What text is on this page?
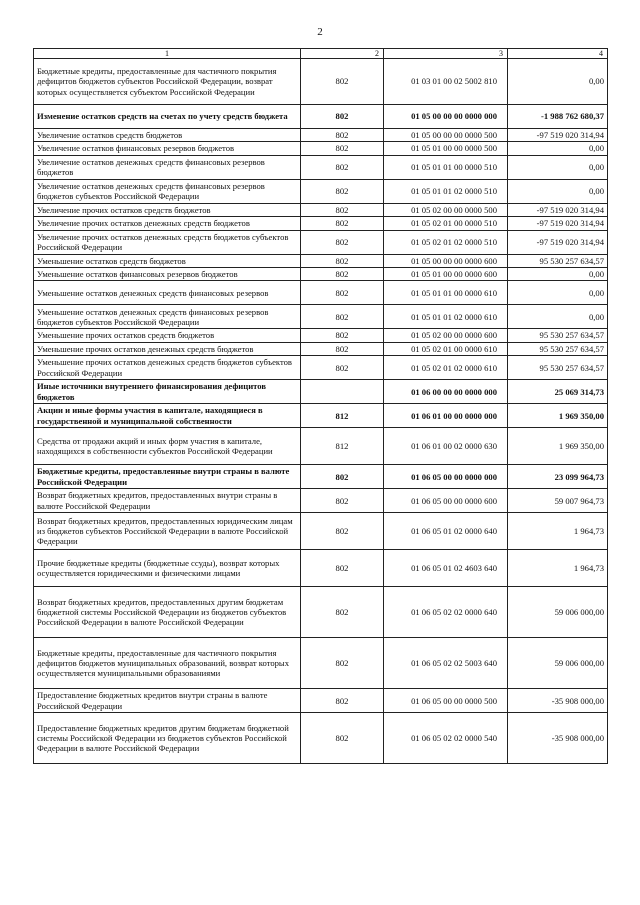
2
1	2	3	4
Бюджетные кредиты, предоставленные для частичного покрытия дефицитов бюджетов субъектов Российской Федерации, возврат которых осуществляется субъектом Российской Федерации	802	01 03 01 00 02 5002 810	0,00
Изменение остатков средств на счетах по учету средств бюджета	802	01 05 00 00 00 0000 000	-1 988 762 680,37
Увеличение остатков средств бюджетов	802	01 05 00 00 00 0000 500	-97 519 020 314,94
Увеличение остатков финансовых резервов бюджетов	802	01 05 01 00 00 0000 500	0,00
Увеличение остатков денежных средств финансовых резервов бюджетов	802	01 05 01 01 00 0000 510	0,00
Увеличение остатков денежных средств финансовых резервов бюджетов субъектов Российской Федерации	802	01 05 01 01 02 0000 510	0,00
Увеличение прочих остатков средств бюджетов	802	01 05 02 00 00 0000 500	-97 519 020 314,94
Увеличение прочих остатков денежных средств бюджетов	802	01 05 02 01 00 0000 510	-97 519 020 314,94
Увеличение прочих остатков денежных средств бюджетов субъектов Российской Федерации	802	01 05 02 01 02 0000 510	-97 519 020 314,94
Уменьшение остатков средств бюджетов	802	01 05 00 00 00 0000 600	95 530 257 634,57
Уменьшение остатков финансовых резервов бюджетов	802	01 05 01 00 00 0000 600	0,00
Уменьшение остатков денежных средств финансовых резервов	802	01 05 01 01 00 0000 610	0,00
Уменьшение остатков денежных средств финансовых резервов бюджетов субъектов Российской Федерации	802	01 05 01 01 02 0000 610	0,00
Уменьшение прочих остатков средств бюджетов	802	01 05 02 00 00 0000 600	95 530 257 634,57
Уменьшение прочих остатков денежных средств бюджетов	802	01 05 02 01 00 0000 610	95 530 257 634,57
Уменьшение прочих остатков денежных средств бюджетов субъектов Российской Федерации	802	01 05 02 01 02 0000 610	95 530 257 634,57
Иные источники внутреннего финансирования дефицитов бюджетов		01 06 00 00 00 0000 000	25 069 314,73
Акции и иные формы участия в капитале, находящиеся в государственной и муниципальной собственности	812	01 06 01 00 00 0000 000	1 969 350,00
Средства от продажи акций и иных форм участия в капитале, находящихся в собственности субъектов Российской Федерации	812	01 06 01 00 02 0000 630	1 969 350,00
Бюджетные кредиты, предоставленные внутри страны в валюте Российской Федерации	802	01 06 05 00 00 0000 000	23 099 964,73
Возврат бюджетных кредитов, предоставленных внутри страны в валюте Российской Федерации	802	01 06 05 00 00 0000 600	59 007 964,73
Возврат бюджетных кредитов, предоставленных юридическим лицам из бюджетов субъектов Российской Федерации в валюте Российской Федерации	802	01 06 05 01 02 0000 640	1 964,73
Прочие бюджетные кредиты (бюджетные ссуды), возврат которых осуществляется юридическими и физическими лицами	802	01 06 05 01 02 4603 640	1 964,73
Возврат бюджетных кредитов, предоставленных другим бюджетам бюджетной системы Российской Федерации из бюджетов субъектов Российской Федерации в валюте Российской Федерации	802	01 06 05 02 02 0000 640	59 006 000,00
Бюджетные кредиты, предоставленные для частичного покрытия дефицитов бюджетов муниципальных образований, возврат которых осуществляется муниципальными образованиями	802	01 06 05 02 02 5003 640	59 006 000,00
Предоставление бюджетных кредитов внутри страны в валюте Российской Федерации	802	01 06 05 00 00 0000 500	-35 908 000,00
Предоставление бюджетных кредитов другим бюджетам бюджетной системы Российской Федерации из бюджетов субъектов Российской Федерации в валюте Российской Федерации	802	01 06 05 02 02 0000 540	-35 908 000,00
